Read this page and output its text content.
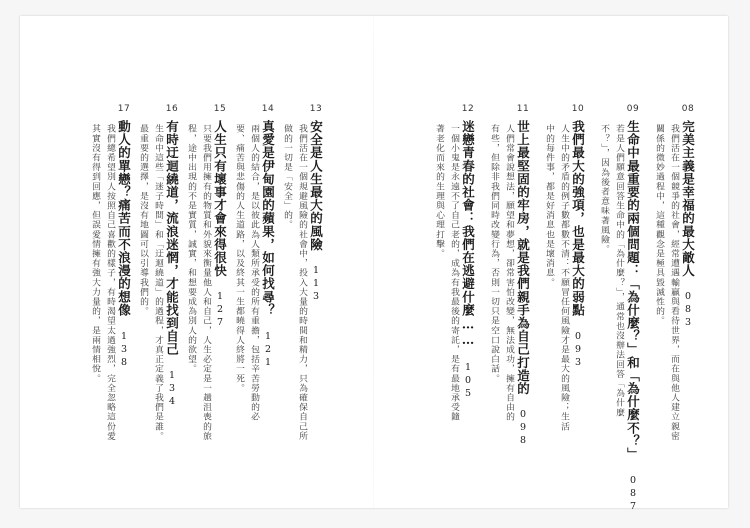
13
安全是人生最大的風險113
我們活在一個規避風險的社會中，投入大量的時間和精力，只為確保自己所
做的一切是「安全」的。
14
真愛是伊甸園的蘋果，如何找尋？121
兩個人的結合，是以彼此為人類所承受的所有重擔，包括辛苦勞動的必
要、痛苦與悲傷的人生道路，以及終其一生都曉得人終將一死。
15
人生只有壞事才會來得很快127
只要我們用擁有的物質和外貌來衡量他人和自己，人生必定是一趟沮喪的旅
程，途中出現的不是實質，誠實，和想要成為別人的欲望。
16
有時迂迴繞道，流浪迷惘，才能找到自己134
生命中這些「迷子時間」和「迂迴繞道」的過程，才真正定義了我們是誰。
最重要的選擇，是沒有地圖可以引導我們的。
17
動人的單戀？痛苦而不浪漫的想像138
我們總希望別人按照自己喜歡的樣子，有時渴望太過強烈，完全忽略這份愛
其實沒有得到回應，但誤愛情擁有強大力量的，是兩情相悅。
08
完美主義是幸福的最大敵人083
我們活在一個競爭的社會，經常遭遇輸贏與看待世界，而在與他人建立親密
關係的微妙過程中，這種觀念是極具毀滅性的。
09
生命中最重要的兩個問題：「為什麼？」和「為什麼不？」087
若是人們願意回答生命中的「為什麼？」，通常也沒辦法回答「為什麼
不？」，因為後者意味著風險。
10
我們最大的強項，也是最大的弱點093
人生中的矛盾的例子數都數不清：不願冒任何風險才是最大的風險；生活
中的每件事，都是好消息也是壞消息。
11
世上最堅固的牢房，就是我們親手為自己打造的098
人們常會說想法，願望和夢想，卻常害怕改變，無法成功，擁有自由的
有些，但除非我們同時改變行為，否則一切只是空口說白話。
12
迷戀青春的社會：我們在逃避什麼……105
一個小鬼是永遠不了自己老的，成為有我最後的寄託，是有最地承受隨
著老化而來的生理與心理打擊。
